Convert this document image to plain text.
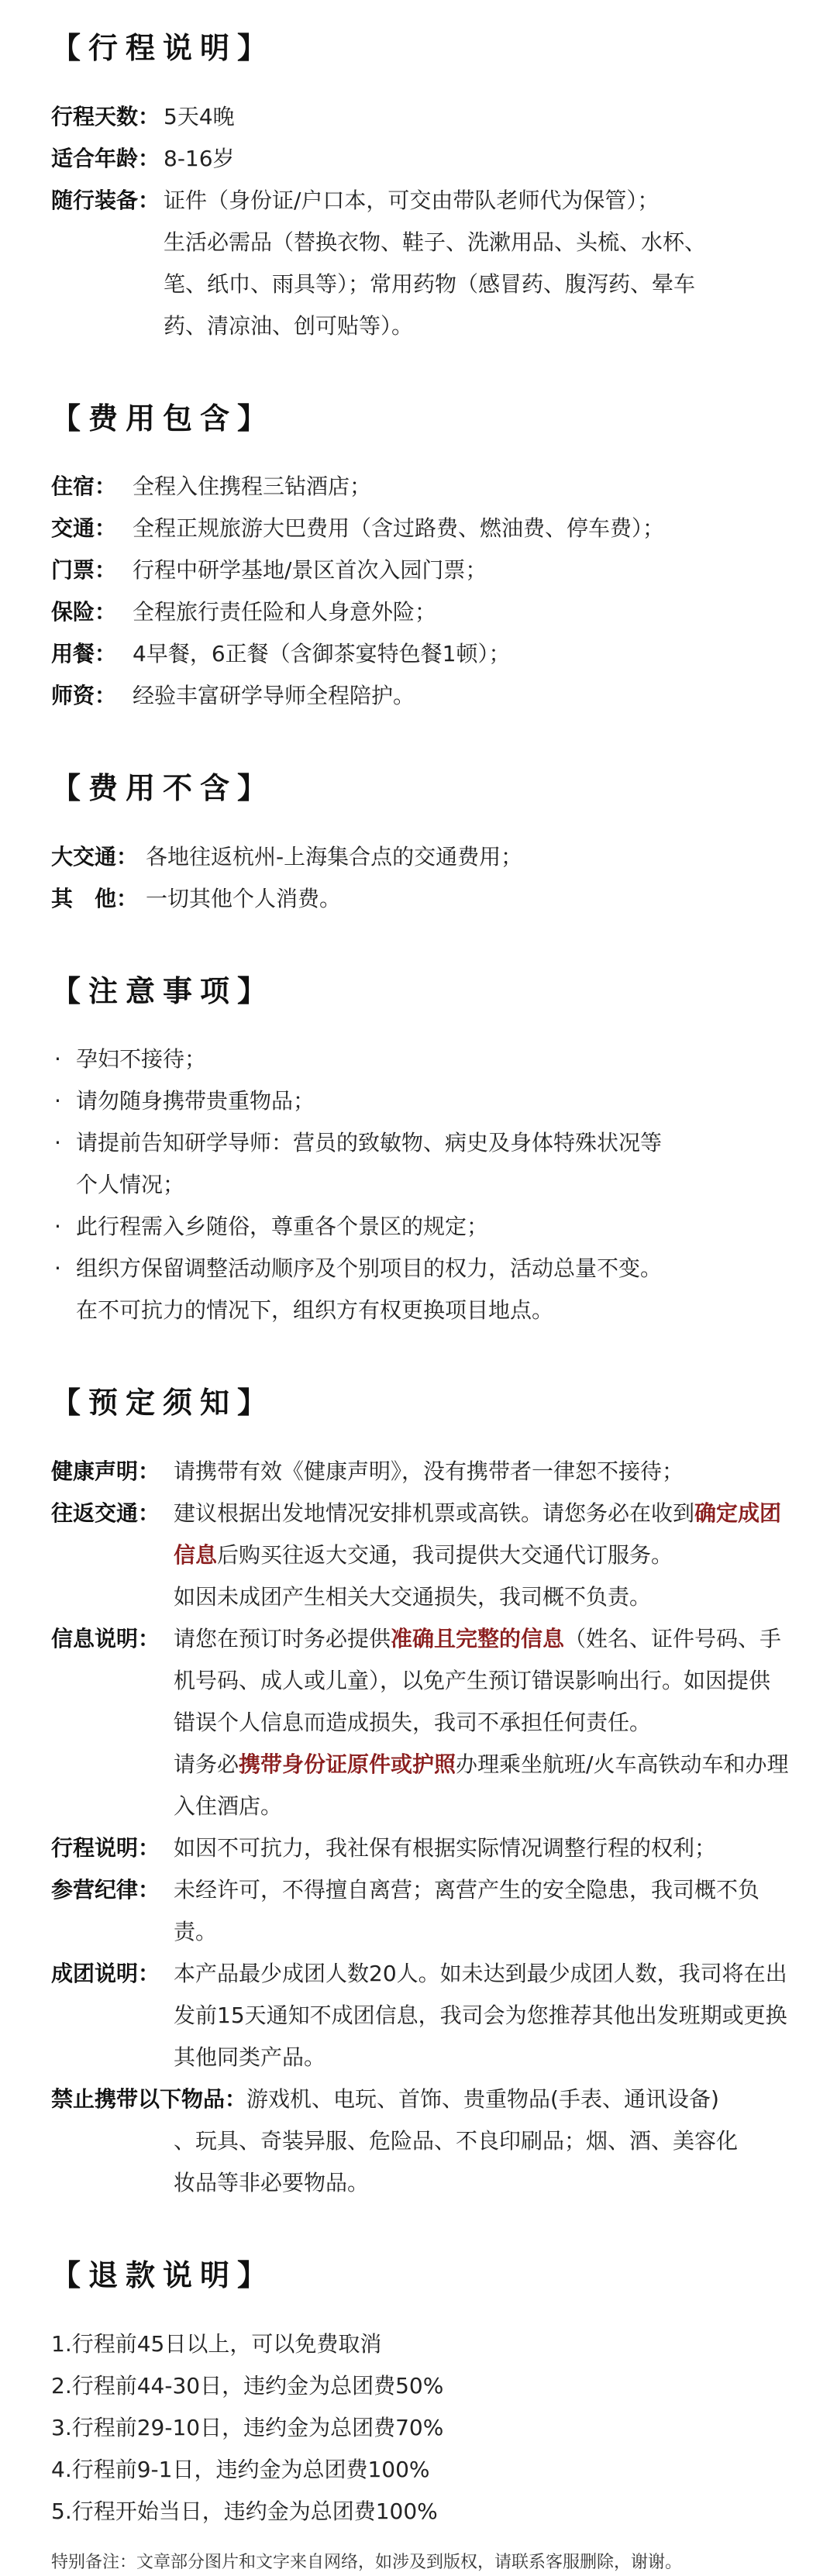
【行程说明】
行程天数： 5天4晚
适合年龄： 8-16岁
随行装备： 证件（身份证/户口本，可交由带队老师代为保管）；
生活必需品（替换衣物、鞋子、洗漱用品、头梳、水杯、
笔、纸巾、雨具等）；常用药物（感冒药、腹泻药、晕车
药、清凉油、创可贴等）。
【费用包含】
住宿： 全程入住携程三钻酒店；
交通： 全程正规旅游大巴费用（含过路费、燃油费、停车费）；
门票： 行程中研学基地/景区首次入园门票；
保险： 全程旅行责任险和人身意外险；
用餐： 4早餐，6正餐（含御茶宴特色餐1顿）；
师资： 经验丰富研学导师全程陪护。
【费用不含】
大交通： 各地往返杭州-上海集合点的交通费用；
其　他： 一切其他个人消费。
【注意事项】
· 孕妇不接待；
· 请勿随身携带贵重物品；
· 请提前告知研学导师：营员的致敏物、病史及身体特殊状况等
个人情况；
· 此行程需入乡随俗，尊重各个景区的规定；
· 组织方保留调整活动顺序及个别项目的权力，活动总量不变。
在不可抗力的情况下，组织方有权更换项目地点。
【预定须知】
健康声明： 请携带有效《健康声明》，没有携带者一律恕不接待；
往返交通： 建议根据出发地情况安排机票或高铁。请您务必在收到确定成团信息后购买往返大交通，我司提供大交通代订服务。
如因未成团产生相关大交通损失，我司概不负责。
信息说明： 请您在预订时务必提供准确且完整的信息（姓名、证件号码、手机号码、成人或儿童），以免产生预订错误影响出行。如因提供错误个人信息而造成损失，我司不承担任何责任。
请务必携带身份证原件或护照办理乘坐航班/火车高铁动车和办理入住酒店。
行程说明： 如因不可抗力，我社保有根据实际情况调整行程的权利；
参营纪律： 未经许可，不得擅自离营；离营产生的安全隐患，我司概不负责。
成团说明： 本产品最少成团人数20人。如未达到最少成团人数，我司将在出发前15天通知不成团信息，我司会为您推荐其他出发班期或更换其他同类产品。
禁止携带以下物品： 游戏机、电玩、首饰、贵重物品(手表、通讯设备)
、玩具、奇装异服、危险品、不良印刷品；烟、酒、美容化
妆品等非必要物品。
【退款说明】
1.行程前45日以上，可以免费取消
2.行程前44-30日，违约金为总团费50%
3.行程前29-10日，违约金为总团费70%
4.行程前9-1日，违约金为总团费100%
5.行程开始当日，违约金为总团费100%
特别备注：文章部分图片和文字来自网络，如涉及到版权，请联系客服删除，谢谢。
